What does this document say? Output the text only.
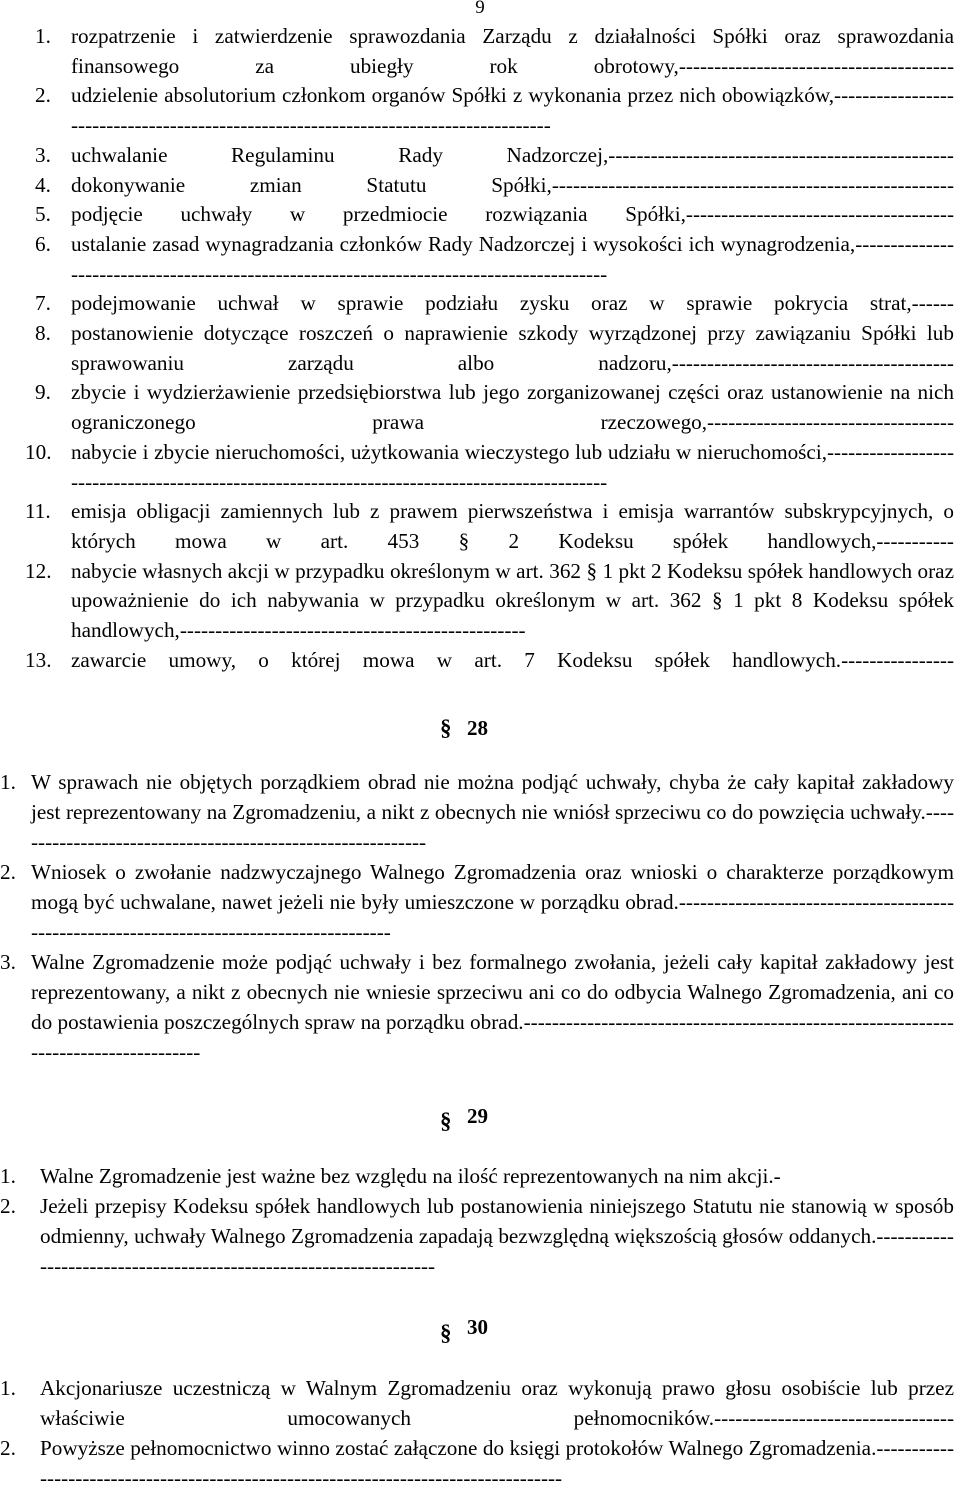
9
1. rozpatrzenie i zatwierdzenie sprawozdania Zarządu z działalności Spółki oraz sprawozdania finansowego za ubiegły rok obrotowy,---------------------------------------
2. udzielenie absolutorium członkom organów Spółki z wykonania przez nich obowiązków,-------------------------------------------------------------------------------------
3. uchwalanie Regulaminu Rady Nadzorczej,-------------------------------------------------
4. dokonywanie zmian Statutu Spółki,---------------------------------------------------------
5. podjęcie uchwały w przedmiocie rozwiązania Spółki,--------------------------------------
6. ustalanie zasad wynagradzania członków Rady Nadzorczej i wysokości ich wynagrodzenia,------------------------------------------------------------------------------------------
7. podejmowanie uchwał w sprawie podziału zysku oraz w sprawie pokrycia strat,------
8. postanowienie dotyczące roszczeń o naprawienie szkody wyrządzonej przy zawiązaniu Spółki lub sprawowaniu zarządu albo nadzoru,----------------------------------------
9. zbycie i wydzierżawienie przedsiębiorstwa lub jego zorganizowanej części oraz ustanowienie na nich ograniczonego prawa rzeczowego,-----------------------------------
10. nabycie i zbycie nieruchomości, użytkowania wieczystego lub udziału w nieruchomości,----------------------------------------------------------------------------------------------
11. emisja obligacji zamiennych lub z prawem pierwszeństwa i emisja warrantów subskrypcyjnych, o których mowa w art. 453 § 2 Kodeksu spółek handlowych,-----------
12. nabycie własnych akcji w przypadku określonym w art. 362 § 1 pkt 2 Kodeksu spółek handlowych oraz upoważnienie do ich nabywania w przypadku określonym w art. 362 § 1 pkt 8 Kodeksu spółek handlowych,-------------------------------------------------
13. zawarcie umowy, o której mowa w art. 7 Kodeksu spółek handlowych.----------------
§ 28
1. W sprawach nie objętych porządkiem obrad nie można podjąć uchwały, chyba że cały kapitał zakładowy jest reprezentowany na Zgromadzeniu, a nikt z obecnych nie wniósł sprzeciwu co do powzięcia uchwały.------------------------------------------------------------
2. Wniosek o zwołanie nadzwyczajnego Walnego Zgromadzenia oraz wnioski o charakterze porządkowym mogą być uchwalane, nawet jeżeli nie były umieszczone w porządku obrad.------------------------------------------------------------------------------------------
3. Walne Zgromadzenie może podjąć uchwały i bez formalnego zwołania, jeżeli cały kapitał zakładowy jest reprezentowany, a nikt z obecnych nie wniesie sprzeciwu ani co do odbycia Walnego Zgromadzenia, ani co do postawienia poszczególnych spraw na porządku obrad.-------------------------------------------------------------------------------------
§ 29
1. Walne Zgromadzenie jest ważne bez względu na ilość reprezentowanych na nim akcji.-
2. Jeżeli przepisy Kodeksu spółek handlowych lub postanowienia niniejszego Statutu nie stanowią w sposób odmienny, uchwały Walnego Zgromadzenia zapadają bezwzględną większością głosów oddanych.-------------------------------------------------------------------
§ 30
1. Akcjonariusze uczestniczą w Walnym Zgromadzeniu oraz wykonują prawo głosu osobiście lub przez właściwie umocowanych pełnomocników.----------------------------------
2. Powyższe pełnomocnictwo winno zostać załączone do księgi protokołów Walnego Zgromadzenia.-------------------------------------------------------------------------------------
